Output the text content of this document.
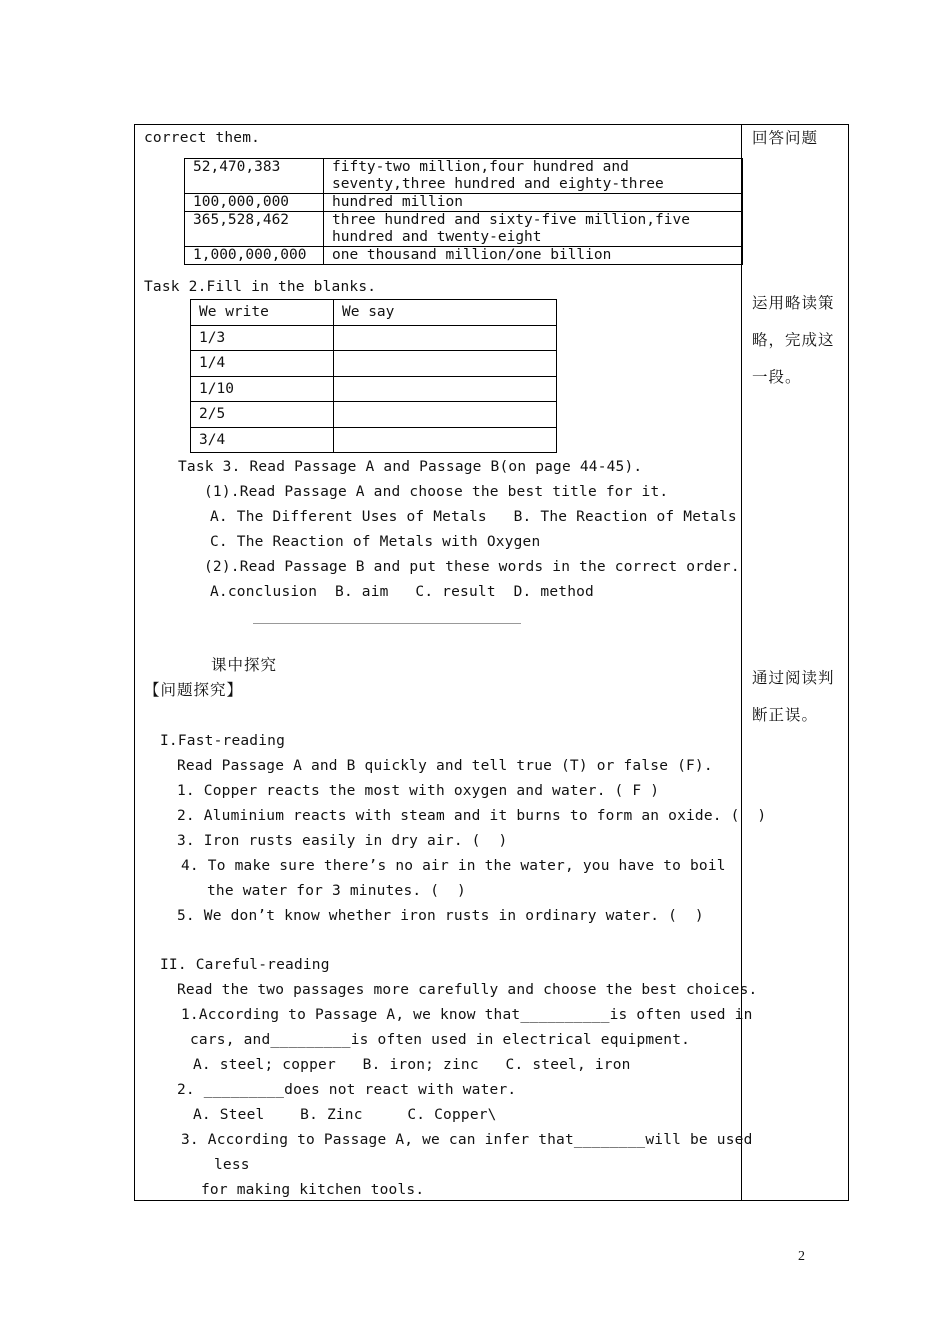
correct them.
52,470,383	fifty-two million,four hundred and
seventy,three hundred and eighty-three
100,000,000	hundred million
365,528,462	three hundred and sixty-five million,five
hundred and twenty-eight
1,000,000,000	one thousand million/one billion
Task 2.Fill in the blanks.
We write	We say
1/3	
1/4	
1/10	
2/5	
3/4	
Task 3. Read Passage A and Passage B(on page 44-45).
(1).Read Passage A and choose the best title for it.
A. The Different Uses of Metals   B. The Reaction of Metals
C. The Reaction of Metals with Oxygen
(2).Read Passage B and put these words in the correct order.
A.conclusion  B. aim   C. result  D. method
课中探究
【问题探究】
I.Fast-reading
Read Passage A and B quickly and tell true (T) or false (F).
1. Copper reacts the most with oxygen and water. ( F )
2. Aluminium reacts with steam and it burns to form an oxide. (  )
3. Iron rusts easily in dry air. (  )
4. To make sure there’s no air in the water, you have to boil
the water for 3 minutes. (  )
5. We don’t know whether iron rusts in ordinary water. (  )
II. Careful-reading
Read the two passages more carefully and choose the best choices.
1.According to Passage A, we know that__________is often used in
cars, and_________is often used in electrical equipment.
A. steel; copper   B. iron; zinc   C. steel, iron
2. _________does not react with water.
A. Steel    B. Zinc     C. Copper\
3. According to Passage A, we can infer that________will be used
less
for making kitchen tools.
回答问题
运用略读策
略，完成这
一段。
通过阅读判
断正误。
2
